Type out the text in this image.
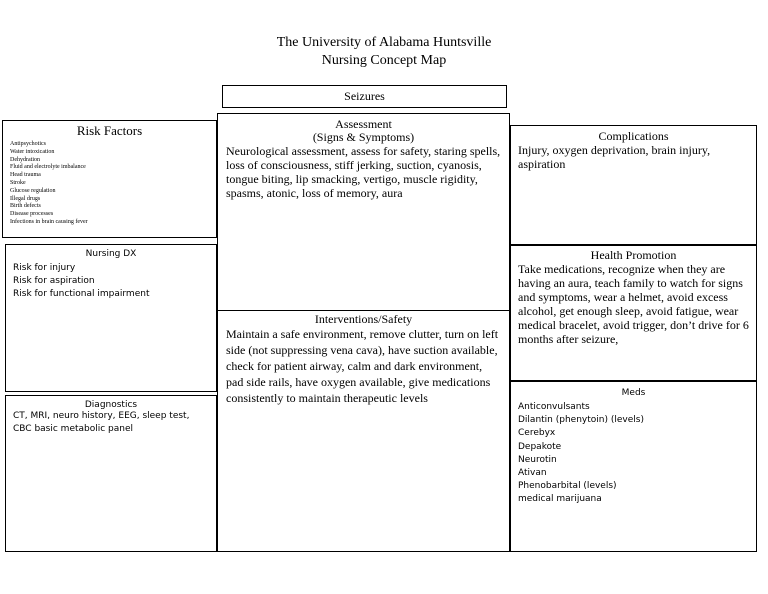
The University of Alabama Huntsville
Nursing Concept Map
Seizures
Risk Factors
Antipsychotics
Water intoxication
Dehydration
Fluid and electrolyte imbalance
Head trauma
Stroke
Glucose regulation
Illegal drugs
Birth defects
Disease processes
Infections in brain causing fever
Assessment
(Signs & Symptoms)
Neurological assessment, assess for safety, staring spells, loss of consciousness, stiff jerking, suction, cyanosis, tongue biting, lip smacking, vertigo, muscle rigidity, spasms, atonic, loss of memory, aura
Complications
Injury, oxygen deprivation, brain injury, aspiration
Nursing DX
Risk for injury
Risk for aspiration
Risk for functional impairment
Interventions/Safety
Maintain a safe environment, remove clutter, turn on left side (not suppressing vena cava), have suction available, check for patient airway, calm and dark environment, pad side rails, have oxygen available, give medications consistently to maintain therapeutic levels
Health Promotion
Take medications, recognize when they are having an aura, teach family to watch for signs and symptoms, wear a helmet, avoid excess alcohol, get enough sleep, avoid fatigue, wear medical bracelet, avoid trigger, don’t drive for 6 months after seizure,
Diagnostics
CT, MRI, neuro history, EEG, sleep test, CBC basic metabolic panel
Meds
Anticonvulsants
Dilantin (phenytoin) (levels)
Cerebyx
Depakote
Neurotin
Ativan
Phenobarbital (levels)
medical marijuana
